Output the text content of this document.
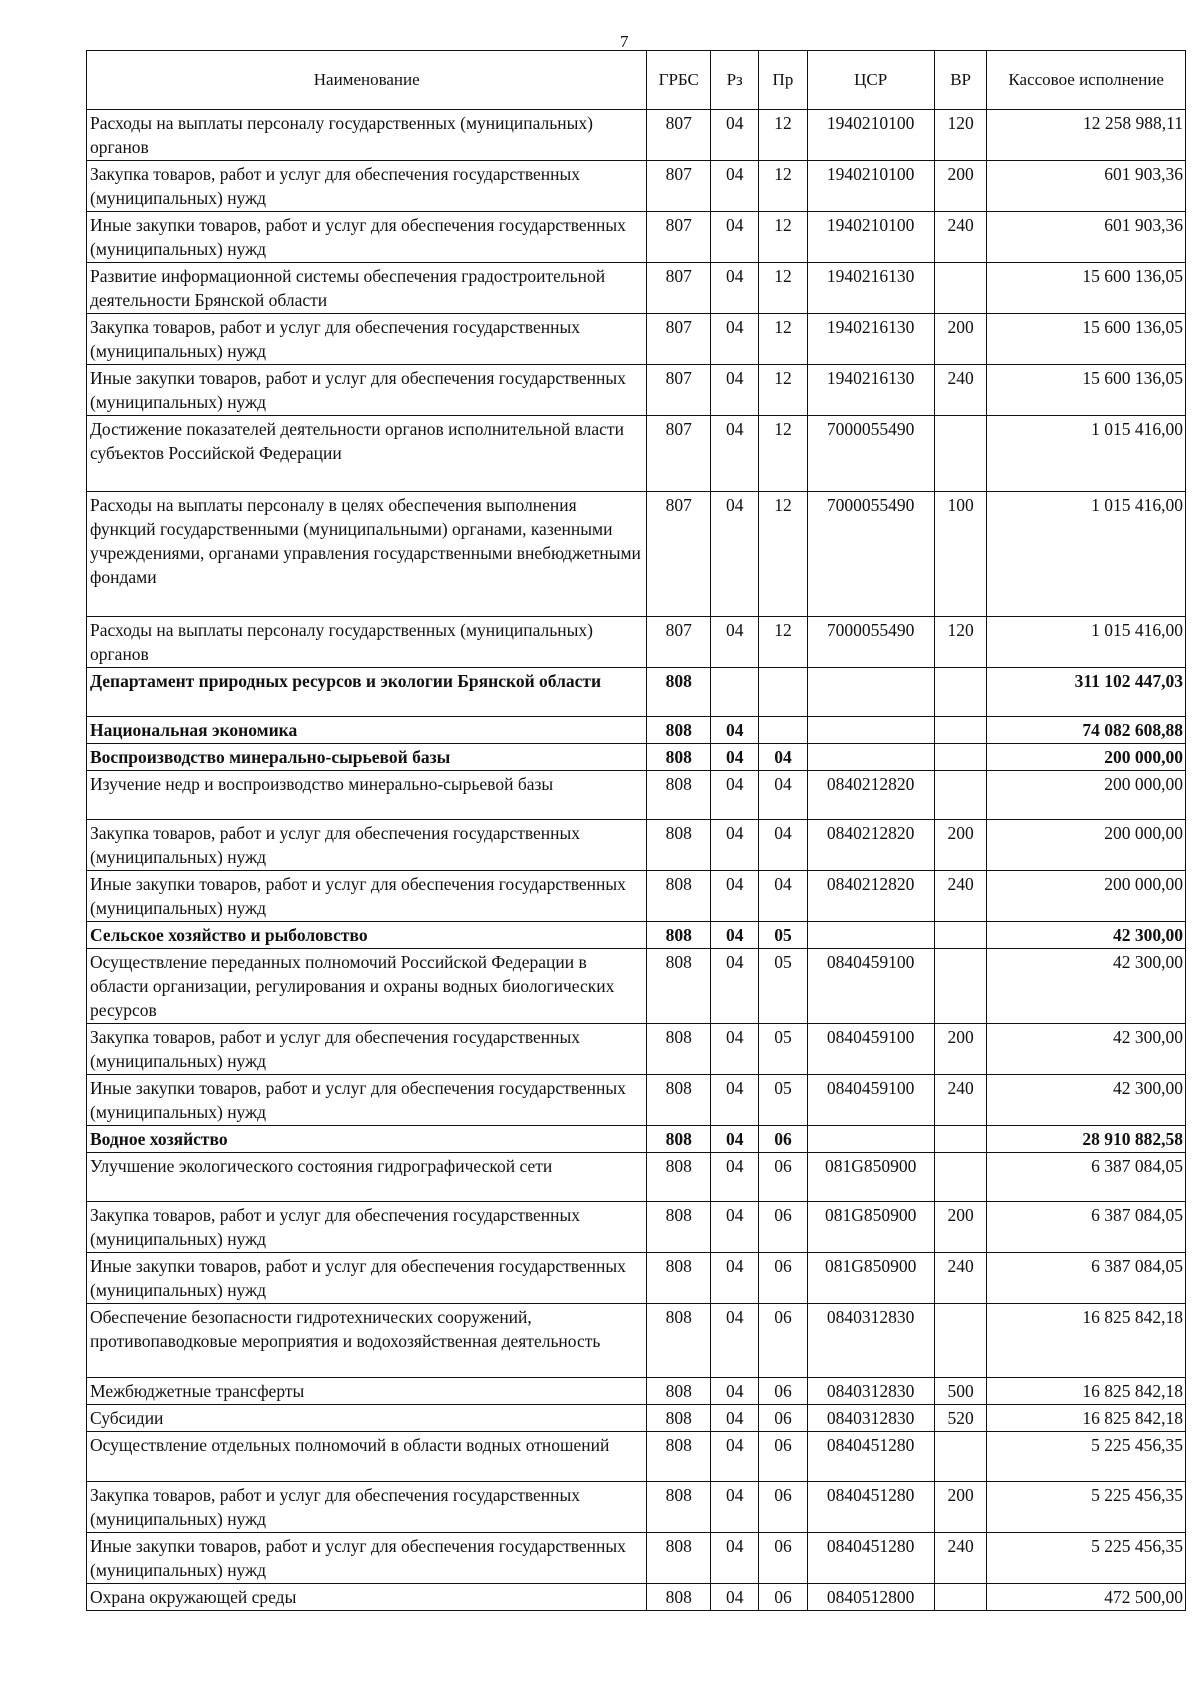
7
Наименование	ГРБС	Рз	Пр	ЦСР	ВР	Кассовое исполнение
Расходы на выплаты персоналу государственных (муниципальных) органов	807	04	12	1940210100	120	12 258 988,11
Закупка товаров, работ и услуг для обеспечения государственных (муниципальных) нужд	807	04	12	1940210100	200	601 903,36
Иные закупки товаров, работ и услуг для обеспечения государственных (муниципальных) нужд	807	04	12	1940210100	240	601 903,36
Развитие информационной системы обеспечения градостроительной деятельности Брянской области	807	04	12	1940216130		15 600 136,05
Закупка товаров, работ и услуг для обеспечения государственных (муниципальных) нужд	807	04	12	1940216130	200	15 600 136,05
Иные закупки товаров, работ и услуг для обеспечения государственных (муниципальных) нужд	807	04	12	1940216130	240	15 600 136,05
Достижение показателей деятельности органов исполнительной власти субъектов Российской Федерации	807	04	12	7000055490		1 015 416,00
Расходы на выплаты персоналу в целях обеспечения выполнения функций государственными (муниципальными) органами, казенными учреждениями, органами управления государственными внебюджетными фондами	807	04	12	7000055490	100	1 015 416,00
Расходы на выплаты персоналу государственных (муниципальных) органов	807	04	12	7000055490	120	1 015 416,00
Департамент природных ресурсов и экологии Брянской области	808					311 102 447,03
Национальная экономика	808	04				74 082 608,88
Воспроизводство минерально-сырьевой базы	808	04	04			200 000,00
Изучение недр и воспроизводство минерально-сырьевой базы	808	04	04	0840212820		200 000,00
Закупка товаров, работ и услуг для обеспечения государственных (муниципальных) нужд	808	04	04	0840212820	200	200 000,00
Иные закупки товаров, работ и услуг для обеспечения государственных (муниципальных) нужд	808	04	04	0840212820	240	200 000,00
Сельское хозяйство и рыболовство	808	04	05			42 300,00
Осуществление переданных полномочий Российской Федерации в области организации, регулирования и охраны водных биологических ресурсов	808	04	05	0840459100		42 300,00
Закупка товаров, работ и услуг для обеспечения государственных (муниципальных) нужд	808	04	05	0840459100	200	42 300,00
Иные закупки товаров, работ и услуг для обеспечения государственных (муниципальных) нужд	808	04	05	0840459100	240	42 300,00
Водное хозяйство	808	04	06			28 910 882,58
Улучшение экологического состояния гидрографической сети	808	04	06	081G850900		6 387 084,05
Закупка товаров, работ и услуг для обеспечения государственных (муниципальных) нужд	808	04	06	081G850900	200	6 387 084,05
Иные закупки товаров, работ и услуг для обеспечения государственных (муниципальных) нужд	808	04	06	081G850900	240	6 387 084,05
Обеспечение безопасности гидротехнических сооружений, противопаводковые мероприятия и водохозяйственная деятельность	808	04	06	0840312830		16 825 842,18
Межбюджетные трансферты	808	04	06	0840312830	500	16 825 842,18
Субсидии	808	04	06	0840312830	520	16 825 842,18
Осуществление отдельных полномочий в области водных отношений	808	04	06	0840451280		5 225 456,35
Закупка товаров, работ и услуг для обеспечения государственных (муниципальных) нужд	808	04	06	0840451280	200	5 225 456,35
Иные закупки товаров, работ и услуг для обеспечения государственных (муниципальных) нужд	808	04	06	0840451280	240	5 225 456,35
Охрана окружающей среды	808	04	06	0840512800		472 500,00
